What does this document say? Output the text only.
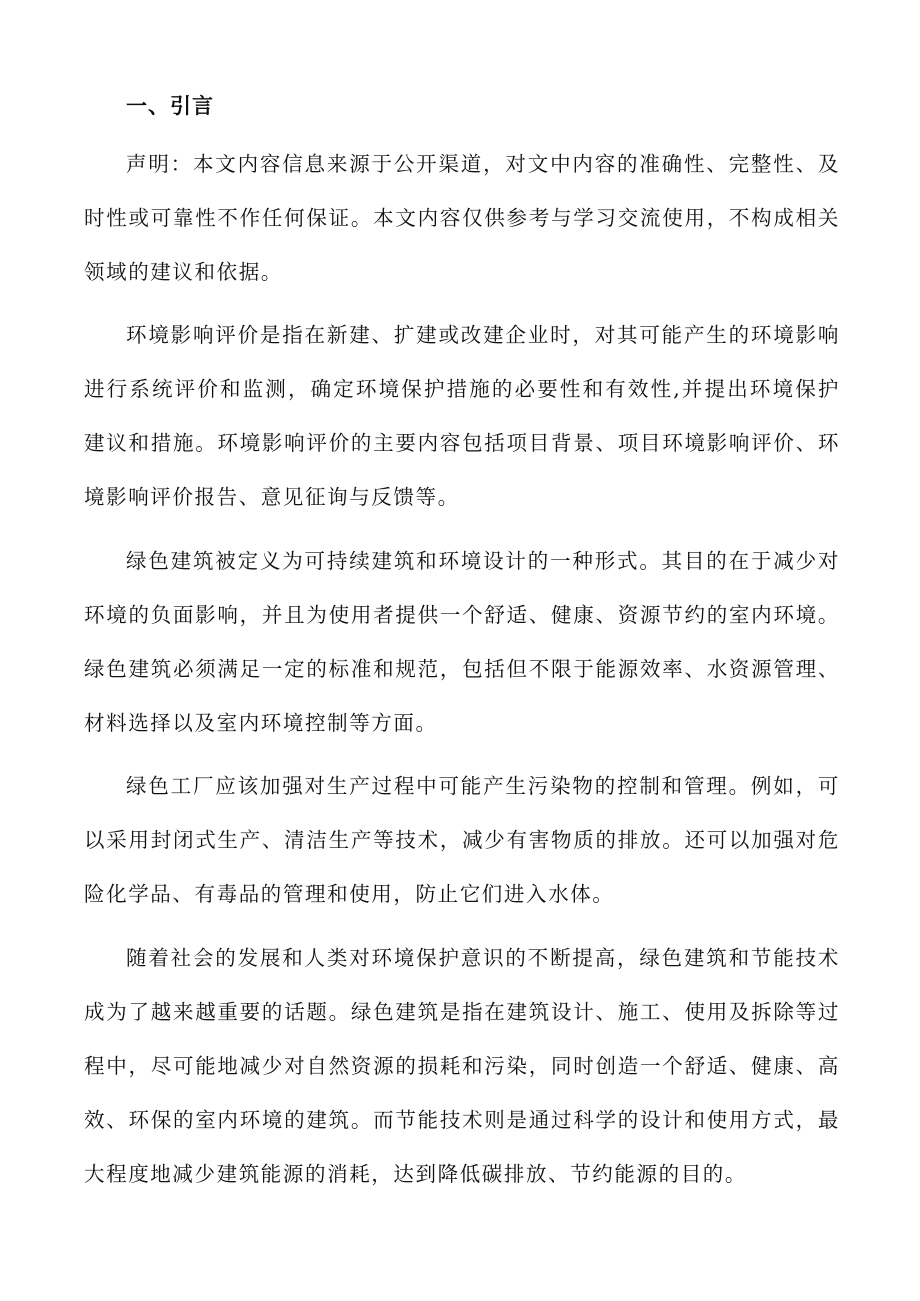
一、引言

声明：本文内容信息来源于公开渠道，对文中内容的准确性、完整性、及时性或可靠性不作任何保证。本文内容仅供参考与学习交流使用，不构成相关领域的建议和依据。

环境影响评价是指在新建、扩建或改建企业时，对其可能产生的环境影响进行系统评价和监测，确定环境保护措施的必要性和有效性,并提出环境保护建议和措施。环境影响评价的主要内容包括项目背景、项目环境影响评价、环境影响评价报告、意见征询与反馈等。

绿色建筑被定义为可持续建筑和环境设计的一种形式。其目的在于减少对环境的负面影响，并且为使用者提供一个舒适、健康、资源节约的室内环境。绿色建筑必须满足一定的标准和规范，包括但不限于能源效率、水资源管理、材料选择以及室内环境控制等方面。

绿色工厂应该加强对生产过程中可能产生污染物的控制和管理。例如，可以采用封闭式生产、清洁生产等技术，减少有害物质的排放。还可以加强对危险化学品、有毒品的管理和使用，防止它们进入水体。

随着社会的发展和人类对环境保护意识的不断提高，绿色建筑和节能技术成为了越来越重要的话题。绿色建筑是指在建筑设计、施工、使用及拆除等过程中，尽可能地减少对自然资源的损耗和污染，同时创造一个舒适、健康、高效、环保的室内环境的建筑。而节能技术则是通过科学的设计和使用方式，最大程度地减少建筑能源的消耗，达到降低碳排放、节约能源的目的。
